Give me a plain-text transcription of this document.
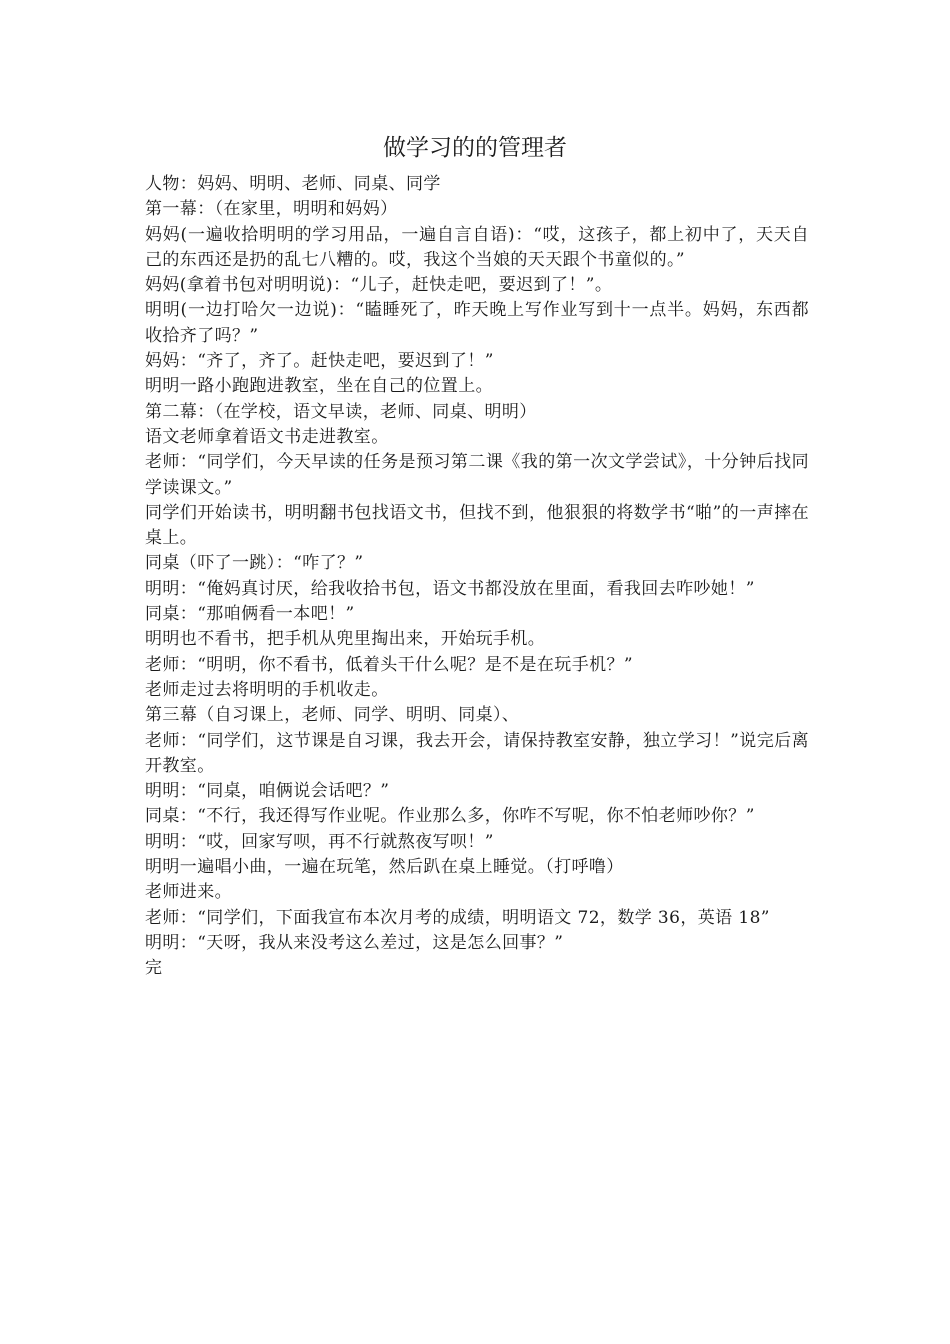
做学习的的管理者

人物：妈妈、明明、老师、同桌、同学

第一幕：（在家里，明明和妈妈）

妈妈(一遍收拾明明的学习用品，一遍自言自语)：“哎，这孩子，都上初中了，天天自己的东西还是扔的乱七八糟的。哎，我这个当娘的天天跟个书童似的。”

妈妈(拿着书包对明明说)：“儿子，赶快走吧，要迟到了！”。

明明(一边打哈欠一边说)：“瞌睡死了，昨天晚上写作业写到十一点半。妈妈，东西都收拾齐了吗？”

妈妈：“齐了，齐了。赶快走吧，要迟到了！”

明明一路小跑跑进教室，坐在自己的位置上。

第二幕：（在学校，语文早读，老师、同桌、明明）

语文老师拿着语文书走进教室。

老师：“同学们，今天早读的任务是预习第二课《我的第一次文学尝试》，十分钟后找同学读课文。”

同学们开始读书，明明翻书包找语文书，但找不到，他狠狠的将数学书“啪”的一声摔在桌上。

同桌（吓了一跳）：“咋了？”

明明：“俺妈真讨厌，给我收拾书包，语文书都没放在里面，看我回去咋吵她！”

同桌：“那咱俩看一本吧！”

明明也不看书，把手机从兜里掏出来，开始玩手机。

老师：“明明，你不看书，低着头干什么呢？是不是在玩手机？”

老师走过去将明明的手机收走。

第三幕（自习课上，老师、同学、明明、同桌）、

老师：“同学们，这节课是自习课，我去开会，请保持教室安静，独立学习！”说完后离开教室。

明明：“同桌，咱俩说会话吧？”

同桌：“不行，我还得写作业呢。作业那么多，你咋不写呢，你不怕老师吵你？”

明明：“哎，回家写呗，再不行就熬夜写呗！”

明明一遍唱小曲，一遍在玩笔，然后趴在桌上睡觉。（打呼噜）

老师进来。

老师：“同学们，下面我宣布本次月考的成绩，明明语文 72，数学 36，英语 18”

明明：“天呀，我从来没考这么差过，这是怎么回事？”

完
